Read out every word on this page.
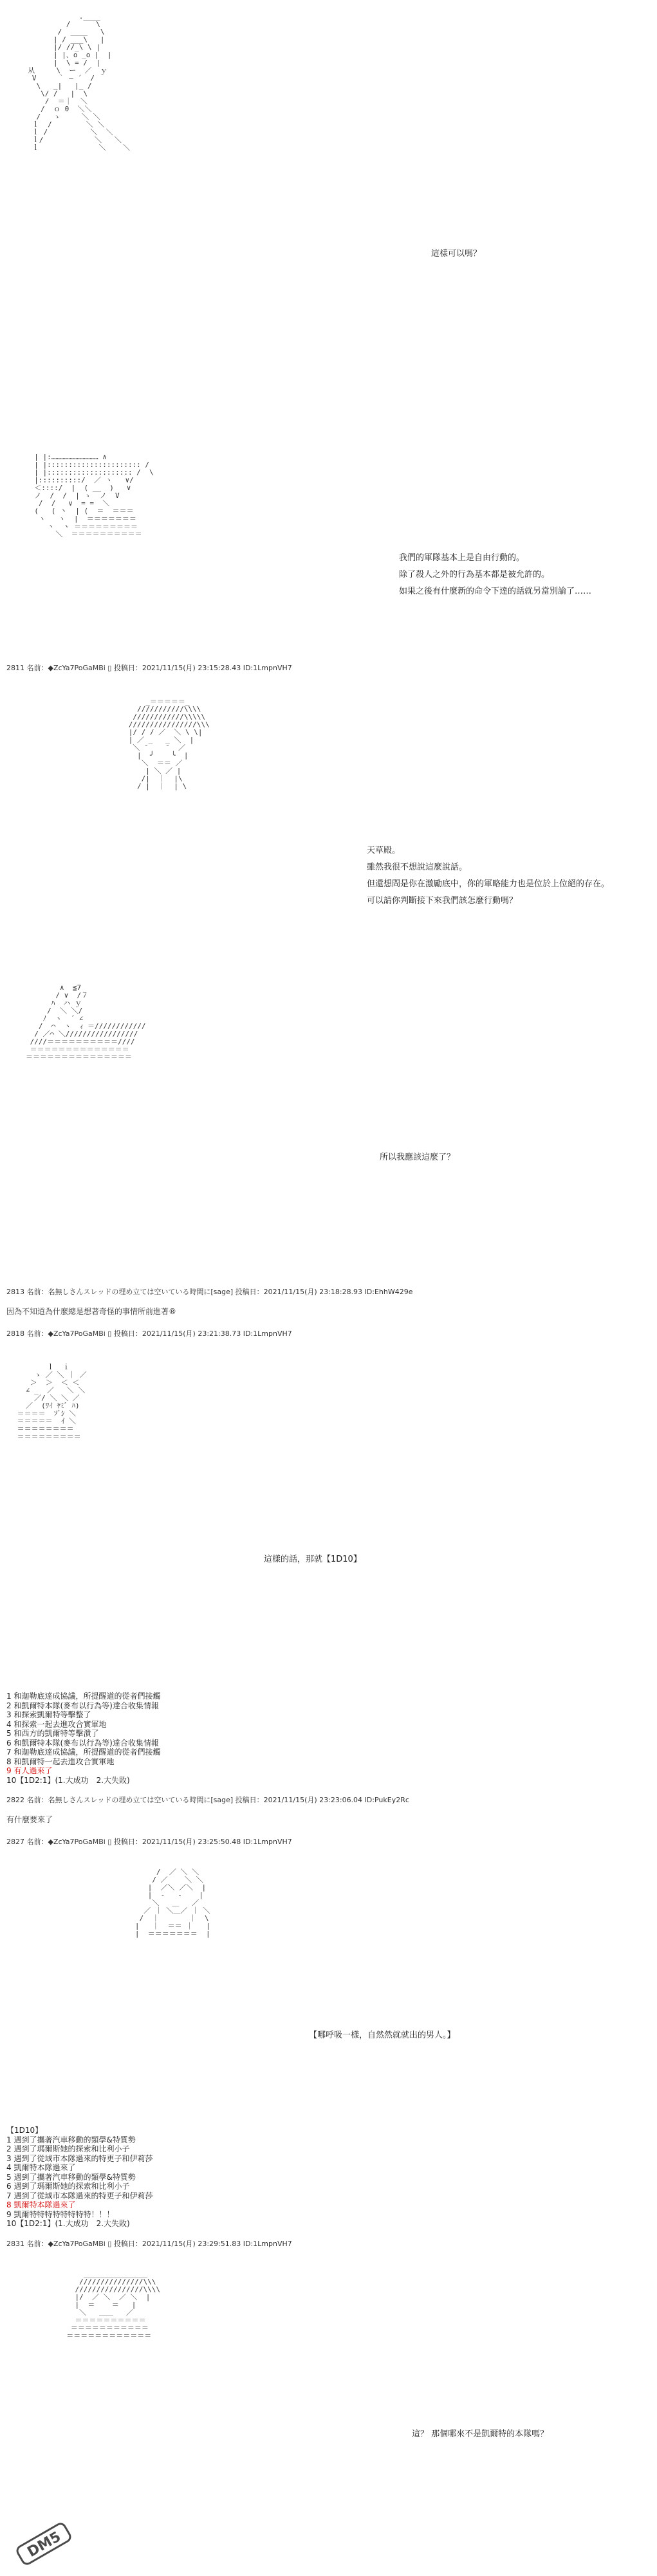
.____
/      \
/  ____   \
| / ___\   |
|/ //_\ \ |
| |、o _o |  |
|  \ = /  |
从     \  ー  ／  ｙ
V     ｀ ― ´  /
\   _|   |_ /
\/ /   |  \
/  ＝｜  ＼
/  ｏ 0  ＼＼
/   ゝ     ＼ ＼
ｌ  /        ＼ ＼
ｌ /          ＼  ＼
ｌ/            ＼   ＼
ｌ              ＼    ＼
這樣可以嗎？
| |:…………………………… ∧
| |:::::::::::::::::::::: /
| |:::::::::::::::::::: /  \
|::::::::::/  ／ ヽ   ∨/
＜::::/  |  ( __  )   ∨
ノ  /  /  | ゝ  ノ  V
/  /   ∨  = =  ＼
(   ( 丶  | (  ＝  ＝＝＝
ヽ   ヽ  |  ＝＝＝＝＝＝＝
ヽ  ヽ ＝＝＝＝＝＝＝＝＝
＼  ＝＝＝＝＝＝＝＝＝＝
我們的軍隊基本上是自由行動的。
除了殺人之外的行為基本都是被允許的。
如果之後有什麼新的命令下達的話就另當別論了……
2811 名前：◆ZcYa7PoGaMBi ▯ 投稿日：2021/11/15(月) 23:15:28.43 ID:1LmpnVH7
_＝＝＝＝＝_
///////////\\\\
////////////\\\\\
////////////////\\\
|/ / / ／  ＼ \ \|
| ／ _   _ ＼  |
＼ ¯    ¯  ／
|  ╯    ╰  |
＼  ＝＝ ／
| ＼ ／ |
/|  ｜  |\
/ |  ｜  | \
天草殿。
雖然我很不想說這麼說話。
但還想問是你在激勵底中，你的軍略能力也是位於上位絕的存在。
可以請你判斷接下來我們該怎麼行動嗎？
∧  ≦7
/ ∨  /７
ﾊ  ハ ｙ
/  ＼ ＼/
ﾉ  ヽ  ´ ∠
/  ⌒  ヽ  ｨ ＝////////////
/ ／⌒ ＼/////////////////
////＝＝＝＝＝＝＝＝＝＝////
＝＝＝＝＝＝＝＝＝＝＝＝＝＝
＝＝＝＝＝＝＝＝＝＝＝＝＝＝＝
所以我應該這麼了？
2813 名前：名無しさんスレッドの埋め立ては空いている時間に[sage] 投稿日：2021/11/15(月) 23:18:28.93 ID:EhhW429e
因為不知道為什麼總是想著奇怪的事情所前進著®
2818 名前：◆ZcYa7PoGaMBi ▯ 投稿日：2021/11/15(月) 23:21:38.73 ID:1LmpnVH7
ｌ  ｉ
ゝ ／ ＼ ｜ ／
＞  ＞  ＜ ＜
∠ _  ／   ＼ ＼
／/ ＼ ＼ ／
／  (ﾜｲ ﾔﾐﾞ ﾊ)
＝＝＝＝  ｿﾞｼ ＼
＝＝＝＝＝  ｲ ＼
＝＝＝＝＝＝＝＝
＝＝＝＝＝＝＝＝＝
這樣的話，那就【1D10】
1 和迦勒底達成協議，所提醒道的從者們接觸
2 和凱爾特本隊(麥布以行為等)達合收集情報
3 和探索凱爾特等擊整了
4 和探索一起去進攻合實軍地
5 和西方的凱爾特等擊潰了
6 和凱爾特本隊(麥布以行為等)達合收集情報
7 和迦勒底達成協議，所提醒道的從者們接觸
8 和凱爾特一起去進攻合實軍地
9 有人過來了
10【1D2:1】(1.大成功　2.大失敗)
2822 名前：名無しさんスレッドの埋め立ては空いている時間に[sage] 投稿日：2021/11/15(月) 23:23:06.04 ID:PukEy2Rc
有什麼要來了
2827 名前：◆ZcYa7PoGaMBi ▯ 投稿日：2021/11/15(月) 23:25:50.48 ID:1LmpnVH7
/  ／ ＼ ＼
/ ／    ＼ ＼
|  ／＼ ／＼  |
|  ‐   ‐    |
＼   ＿   ／
／ ｜ ＼＿／ ｜ ＼
/  ｜       ｜  \
|   ｜  ＝＝ ｜   |
|  ＝＝＝＝＝＝＝  |
【哪呼吸一樣，自然然就就出的男人。】
【1D10】
1 遇到了攜著汽車移動的類學&特質勢
2 遇到了瑪爾斯她的探索和比利小子
3 遇到了從域市本隊過來的特更子和伊莉莎
4 凱爾特本隊過來了
5 遇到了攜著汽車移動的類學&特質勢
6 遇到了瑪爾斯她的探索和比利小子
7 遇到了從域市本隊過來的特更子和伊莉莎
8 凱爾特本隊過來了
9 凱爾特特特特特特特特！！！
10【1D2:1】(1.大成功　2.大失敗)
2831 名前：◆ZcYa7PoGaMBi ▯ 投稿日：2021/11/15(月) 23:29:51.83 ID:1LmpnVH7
_______________
///////////////\\\
////////////////\\\\
|/  ／ ＼  ／ ＼  |
|  ＝    ＝   |
＼   ＿＿   ／
＝＝＝＝＝＝＝＝＝＝
＝＝＝＝＝＝＝＝＝＝＝
＝＝＝＝＝＝＝＝＝＝＝＝
這？ 那個哪來不是凱爾特的本隊嗎？
DM5
